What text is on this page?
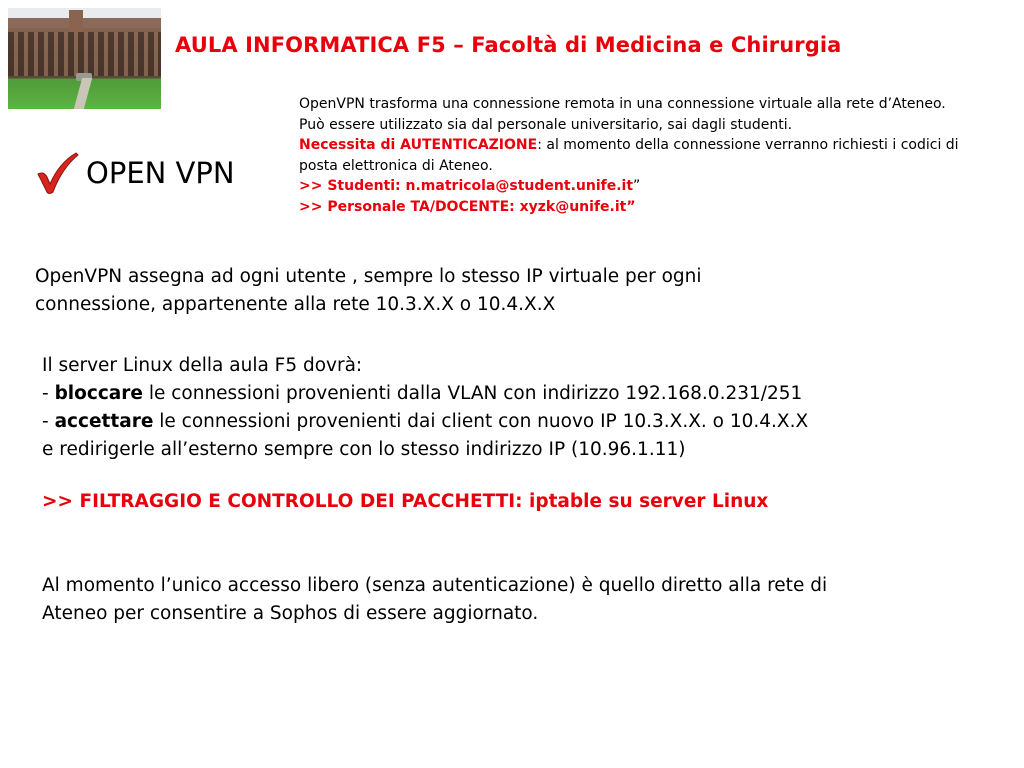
AULA INFORMATICA F5 – Facoltà di Medicina e Chirurgia

OpenVPN trasforma una connessione remota in una connessione virtuale alla rete d’Ateneo.

Può essere utilizzato sia dal personale universitario, sai dagli studenti.

Necessita di AUTENTICAZIONE: al momento della connessione verranno richiesti i codici di posta elettronica di Ateneo.

>> Studenti: n.matricola@student.unife.it”

>> Personale TA/DOCENTE: xyzk@unife.it”

OPEN VPN
OpenVPN assegna ad ogni utente , sempre lo stesso IP virtuale per ogni
connessione, appartenente alla rete 10.3.X.X o 10.4.X.X
Il server Linux della aula F5 dovrà:
- bloccare le connessioni provenienti dalla VLAN con indirizzo 192.168.0.231/251
- accettare le connessioni provenienti dai client con nuovo IP 10.3.X.X. o 10.4.X.X
e redirigerle all’esterno sempre con lo stesso indirizzo IP (10.96.1.11)
>> FILTRAGGIO E CONTROLLO DEI PACCHETTI: iptable su server Linux
Al momento l’unico accesso libero (senza autenticazione) è quello diretto alla rete di
Ateneo per consentire a Sophos di essere aggiornato.
